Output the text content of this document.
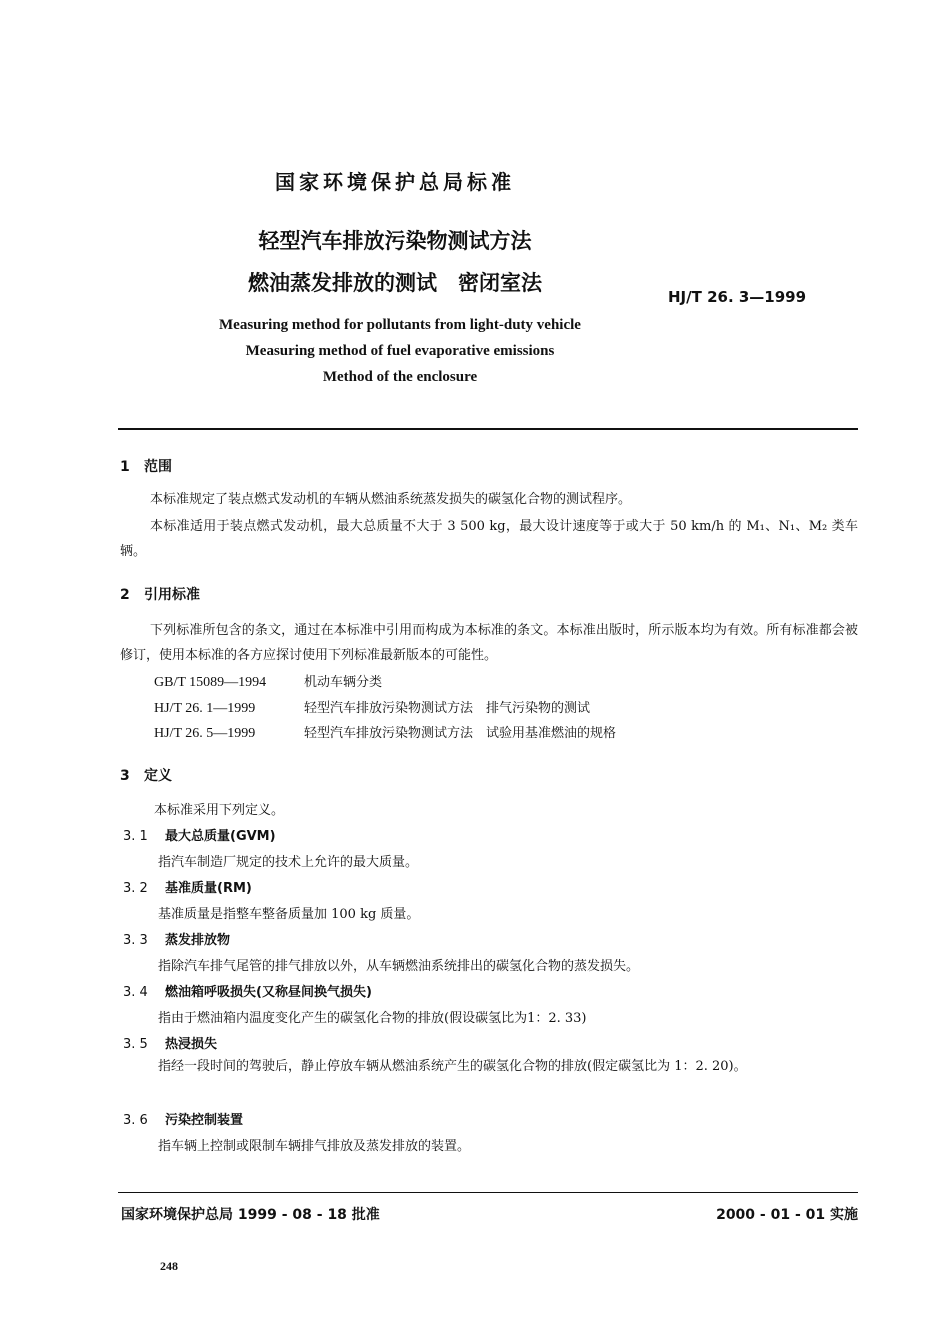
国家环境保护总局标准
轻型汽车排放污染物测试方法
燃油蒸发排放的测试　密闭室法
HJ/T 26. 3—1999
Measuring method for pollutants from light-duty vehicle
Measuring method of fuel evaporative emissions
Method of the enclosure
1 范围
本标准规定了装点燃式发动机的车辆从燃油系统蒸发损失的碳氢化合物的测试程序。
本标准适用于装点燃式发动机，最大总质量不大于 3 500 kg，最大设计速度等于或大于 50 km/h 的 M₁、N₁、M₂ 类车辆。
2 引用标准
下列标准所包含的条文，通过在本标准中引用而构成为本标准的条文。本标准出版时，所示版本均为有效。所有标准都会被修订，使用本标准的各方应探讨使用下列标准最新版本的可能性。
GB/T 15089—1994	机动车辆分类
HJ/T 26. 1—1999	轻型汽车排放污染物测试方法　排气污染物的测试
HJ/T 26. 5—1999	轻型汽车排放污染物测试方法　试验用基准燃油的规格
3 定义
本标准采用下列定义。
3. 1 最大总质量(GVM)
指汽车制造厂规定的技术上允许的最大质量。
3. 2 基准质量(RM)
基准质量是指整车整备质量加 100 kg 质量。
3. 3 蒸发排放物
指除汽车排气尾管的排气排放以外，从车辆燃油系统排出的碳氢化合物的蒸发损失。
3. 4 燃油箱呼吸损失(又称昼间换气损失)
指由于燃油箱内温度变化产生的碳氢化合物的排放(假设碳氢比为1：2. 33)
3. 5 热浸损失
指经一段时间的驾驶后，静止停放车辆从燃油系统产生的碳氢化合物的排放(假定碳氢比为 1：2. 20)。
3. 6 污染控制装置
指车辆上控制或限制车辆排气排放及蒸发排放的装置。
国家环境保护总局 1999 - 08 - 18 批准	2000 - 01 - 01 实施
248
